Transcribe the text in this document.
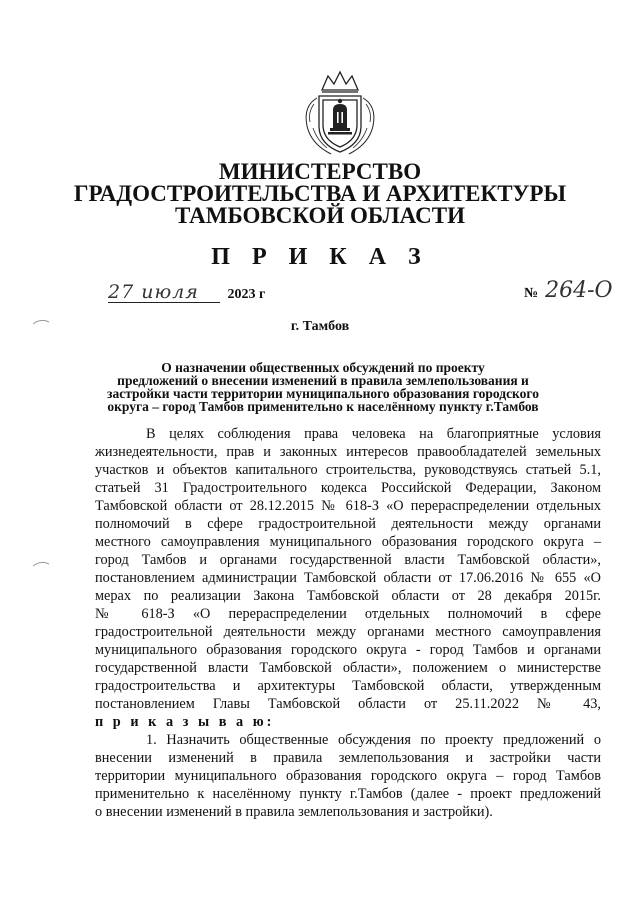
МИНИСТЕРСТВО

ГРАДОСТРОИТЕЛЬСТВА И АРХИТЕКТУРЫ

ТАМБОВСКОЙ ОБЛАСТИ

П Р И К А З

27 июля 2023 г	№ 264-О
г. Тамбов
О назначении общественных обсуждений по проекту
предложений о внесении изменений в правила землепользования и
застройки части территории муниципального образования городского
округа – город Тамбов применительно к населённому пункту г.Тамбов

В целях соблюдения права человека на благоприятные условия

жизнедеятельности, прав и законных интересов правообладателей земельных

участков и объектов капитального строительства, руководствуясь статьей 5.1,

статьей 31 Градостроительного кодекса Российской Федерации, Законом

Тамбовской области от 28.12.2015 № 618-З «О перераспределении отдельных

полномочий в сфере градостроительной деятельности между органами

местного самоуправления муниципального образования городского округа –

город Тамбов и органами государственной власти Тамбовской области»,

постановлением администрации Тамбовской области от 17.06.2016 № 655 «О

мерах по реализации Закона Тамбовской области от 28 декабря 2015г.

№ 618-З «О перераспределении отдельных полномочий в сфере

градостроительной деятельности между органами местного самоуправления

муниципального образования городского округа - город Тамбов и органами

государственной власти Тамбовской области», положением о министерстве

градостроительства и архитектуры Тамбовской области, утвержденным

постановлением Главы Тамбовской области от 25.11.2022 № 43,

п р и к а з ы в а ю:

1. Назначить общественные обсуждения по проекту предложений о

внесении изменений в правила землепользования и застройки части

территории муниципального образования городского округа – город Тамбов

применительно к населённому пункту г.Тамбов (далее - проект предложений

о внесении изменений в правила землепользования и застройки).
